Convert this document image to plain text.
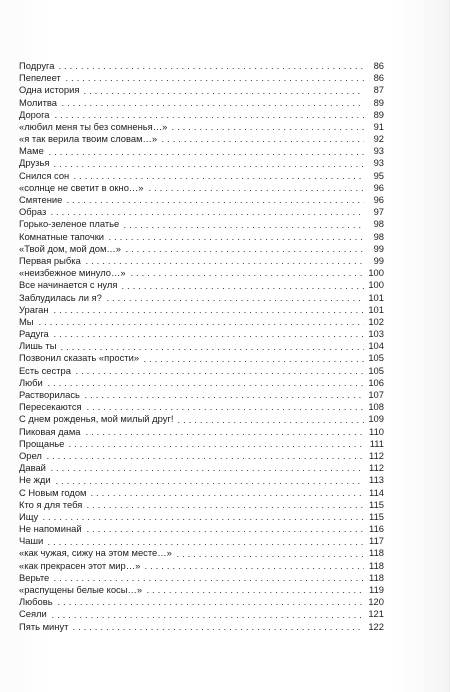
Подруга	86
Пепелеет	86
Одна история	87
Молитва	89
Дорога	89
«любил меня ты без сомненья…»	91
«я так верила твоим словам…»	92
Маме	93
Друзья	93
Снился сон	95
«солнце не светит в окно…»	96
Смятение	96
Образ	97
Горько-зеленое платье	98
Комнатные тапочки	98
«Твой дом, мой дом…»	99
Первая рыбка	99
«неизбежное минуло…»	100
Все начинается с нуля	100
Заблудилась ли я?	101
Ураган	101
Мы	102
Радуга	103
Лишь ты	104
Позвонил сказать «прости»	105
Есть сестра	105
Люби	106
Растворилась	107
Пересекаются	108
С днем рожденья, мой милый друг!	109
Пиковая дама	110
Прощанье	111
Орел	112
Давай	112
Не жди	113
С Новым годом	114
Кто я для тебя	115
Ищу	115
Не напоминай	116
Чаши	117
«как чужая, сижу на этом месте…»	118
«как прекрасен этот мир…»	118
Верьте	118
«распущены белые косы…»	119
Любовь	120
Сеяли	121
Пять минут	122
